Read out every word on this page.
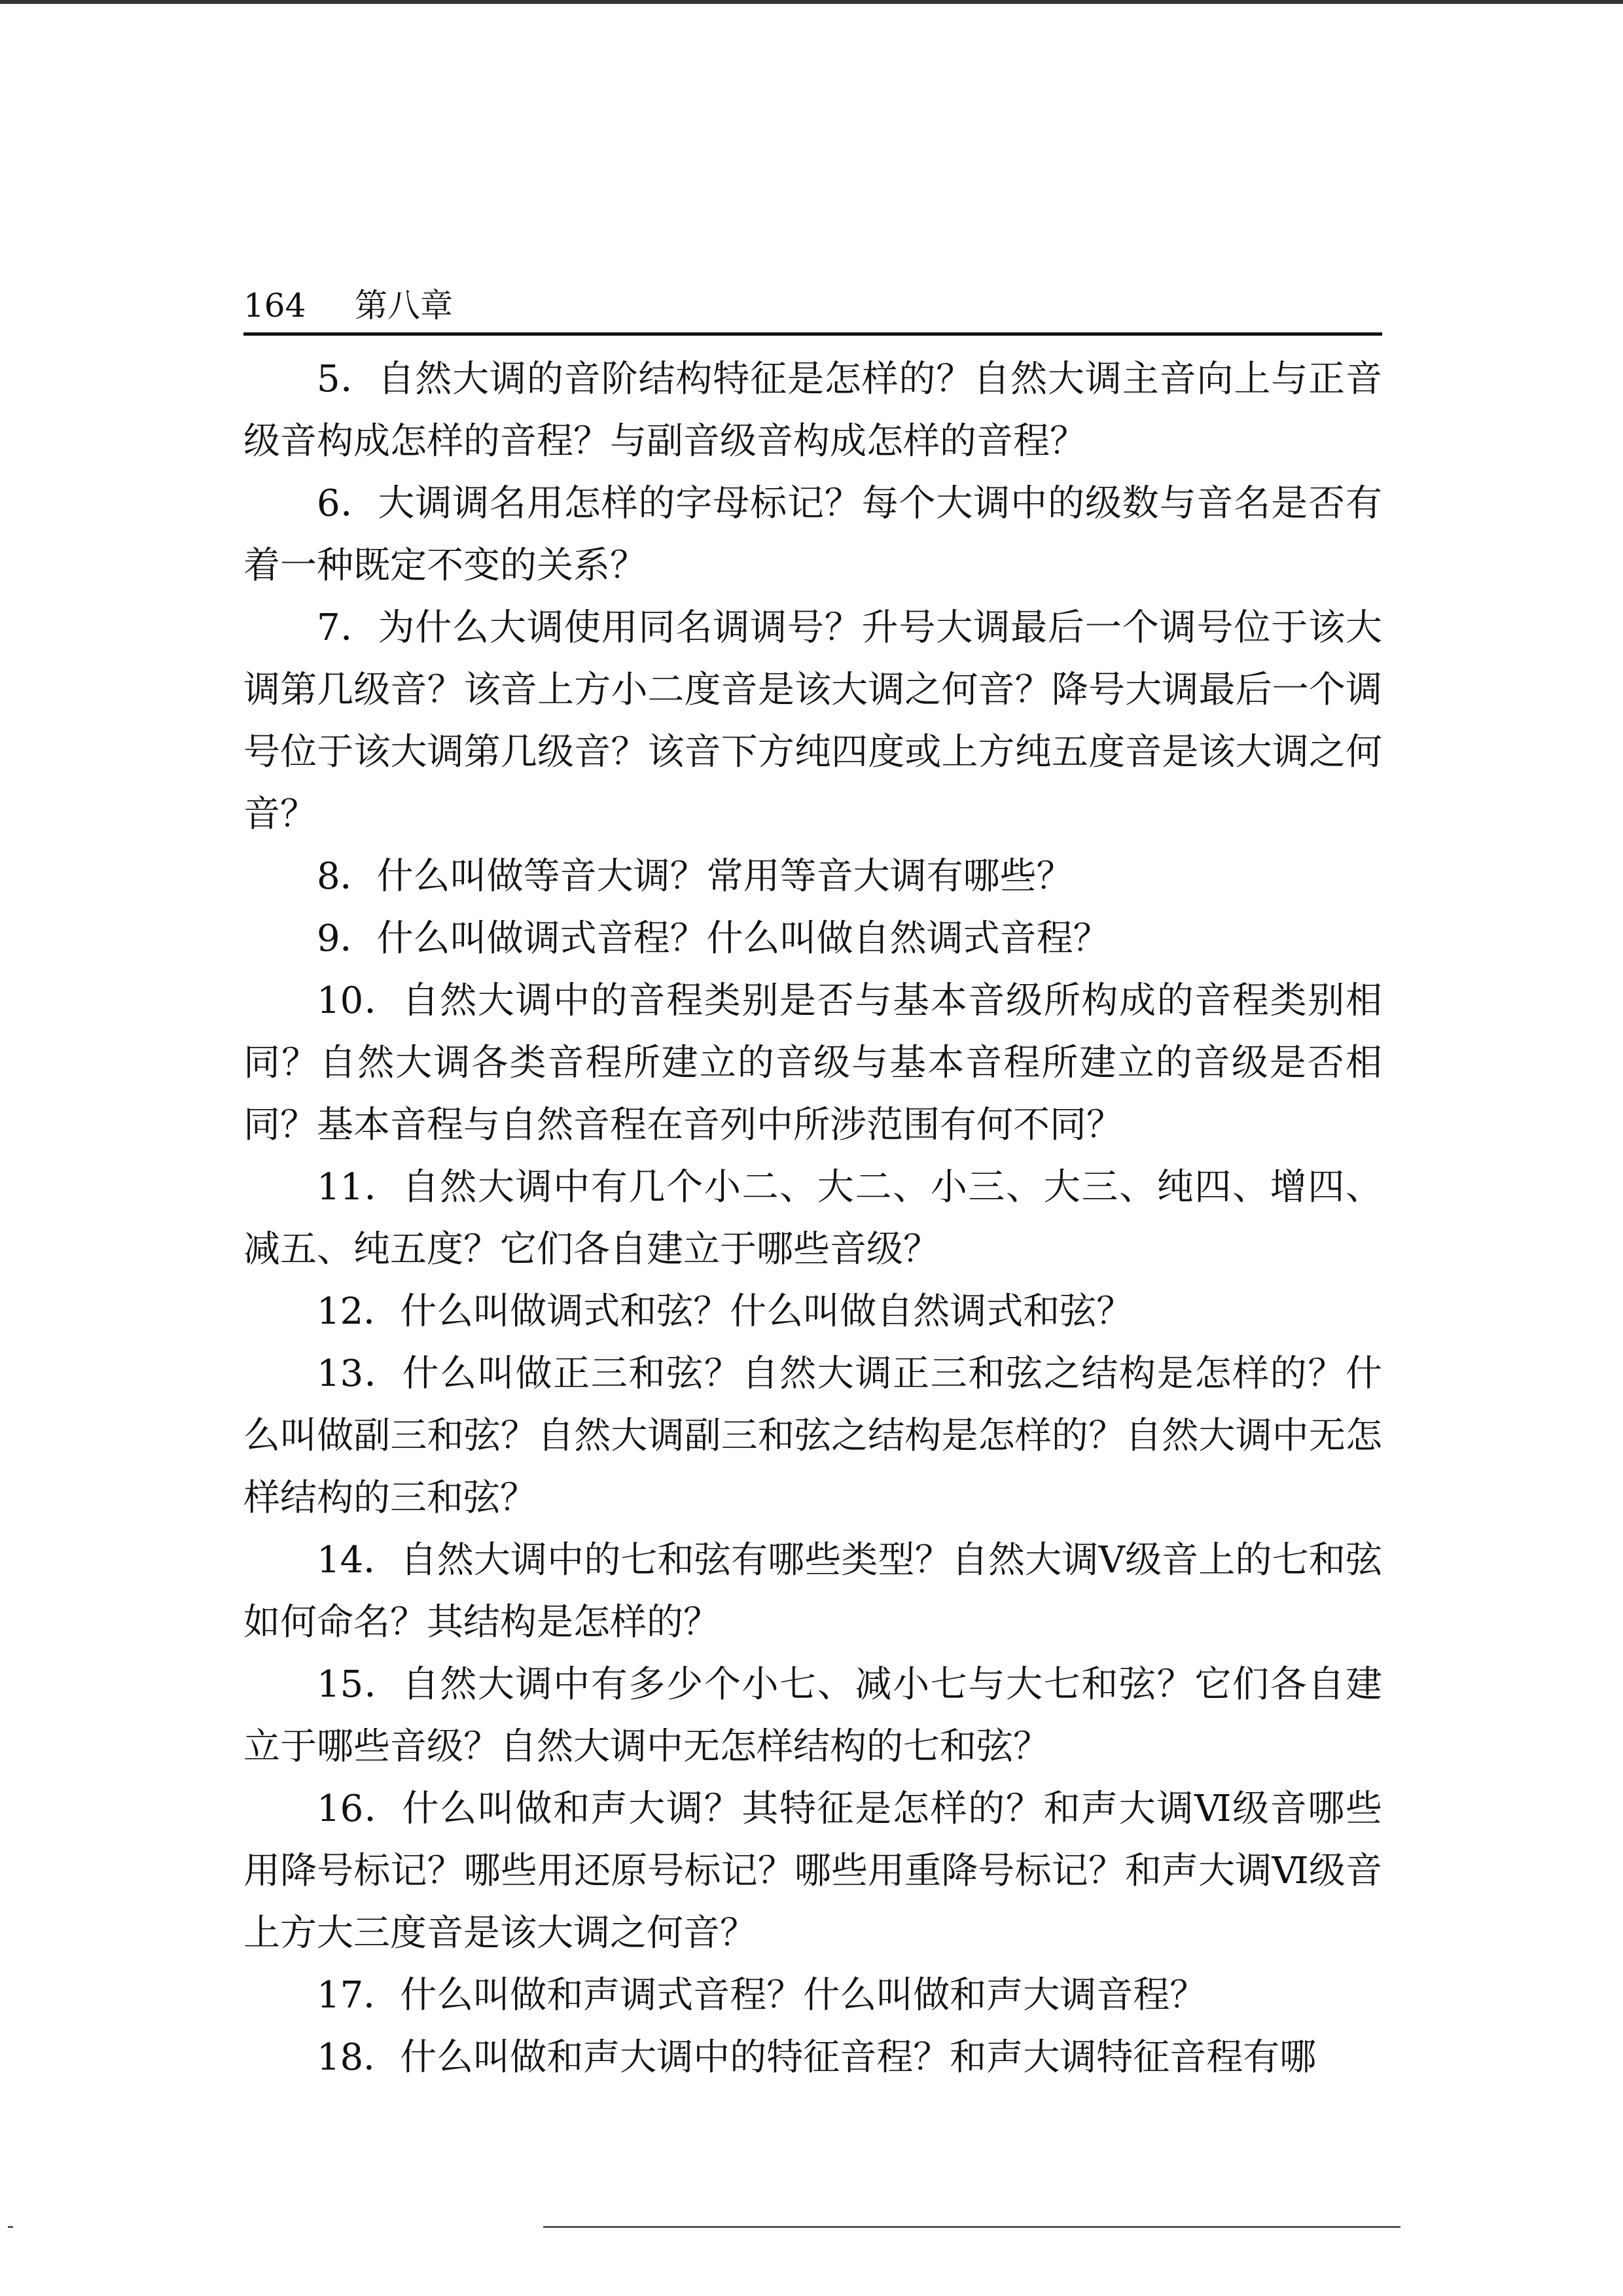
164 第八章

5．自然大调的音阶结构特征是怎样的？自然大调主音向上与正音级音构成怎样的音程？与副音级音构成怎样的音程？

6．大调调名用怎样的字母标记？每个大调中的级数与音名是否有着一种既定不变的关系？

7．为什么大调使用同名调调号？升号大调最后一个调号位于该大调第几级音？该音上方小二度音是该大调之何音？降号大调最后一个调号位于该大调第几级音？该音下方纯四度或上方纯五度音是该大调之何音？

8．什么叫做等音大调？常用等音大调有哪些？

9．什么叫做调式音程？什么叫做自然调式音程？

10．自然大调中的音程类别是否与基本音级所构成的音程类别相同？自然大调各类音程所建立的音级与基本音程所建立的音级是否相同？基本音程与自然音程在音列中所涉范围有何不同？

11．自然大调中有几个小二、大二、小三、大三、纯四、增四、减五、纯五度？它们各自建立于哪些音级？

12．什么叫做调式和弦？什么叫做自然调式和弦？

13．什么叫做正三和弦？自然大调正三和弦之结构是怎样的？什么叫做副三和弦？自然大调副三和弦之结构是怎样的？自然大调中无怎样结构的三和弦？

14．自然大调中的七和弦有哪些类型？自然大调Ⅴ级音上的七和弦如何命名？其结构是怎样的？

15．自然大调中有多少个小七、减小七与大七和弦？它们各自建立于哪些音级？自然大调中无怎样结构的七和弦？

16．什么叫做和声大调？其特征是怎样的？和声大调Ⅵ级音哪些用降号标记？哪些用还原号标记？哪些用重降号标记？和声大调Ⅵ级音上方大三度音是该大调之何音？

17．什么叫做和声调式音程？什么叫做和声大调音程？

18．什么叫做和声大调中的特征音程？和声大调特征音程有哪
